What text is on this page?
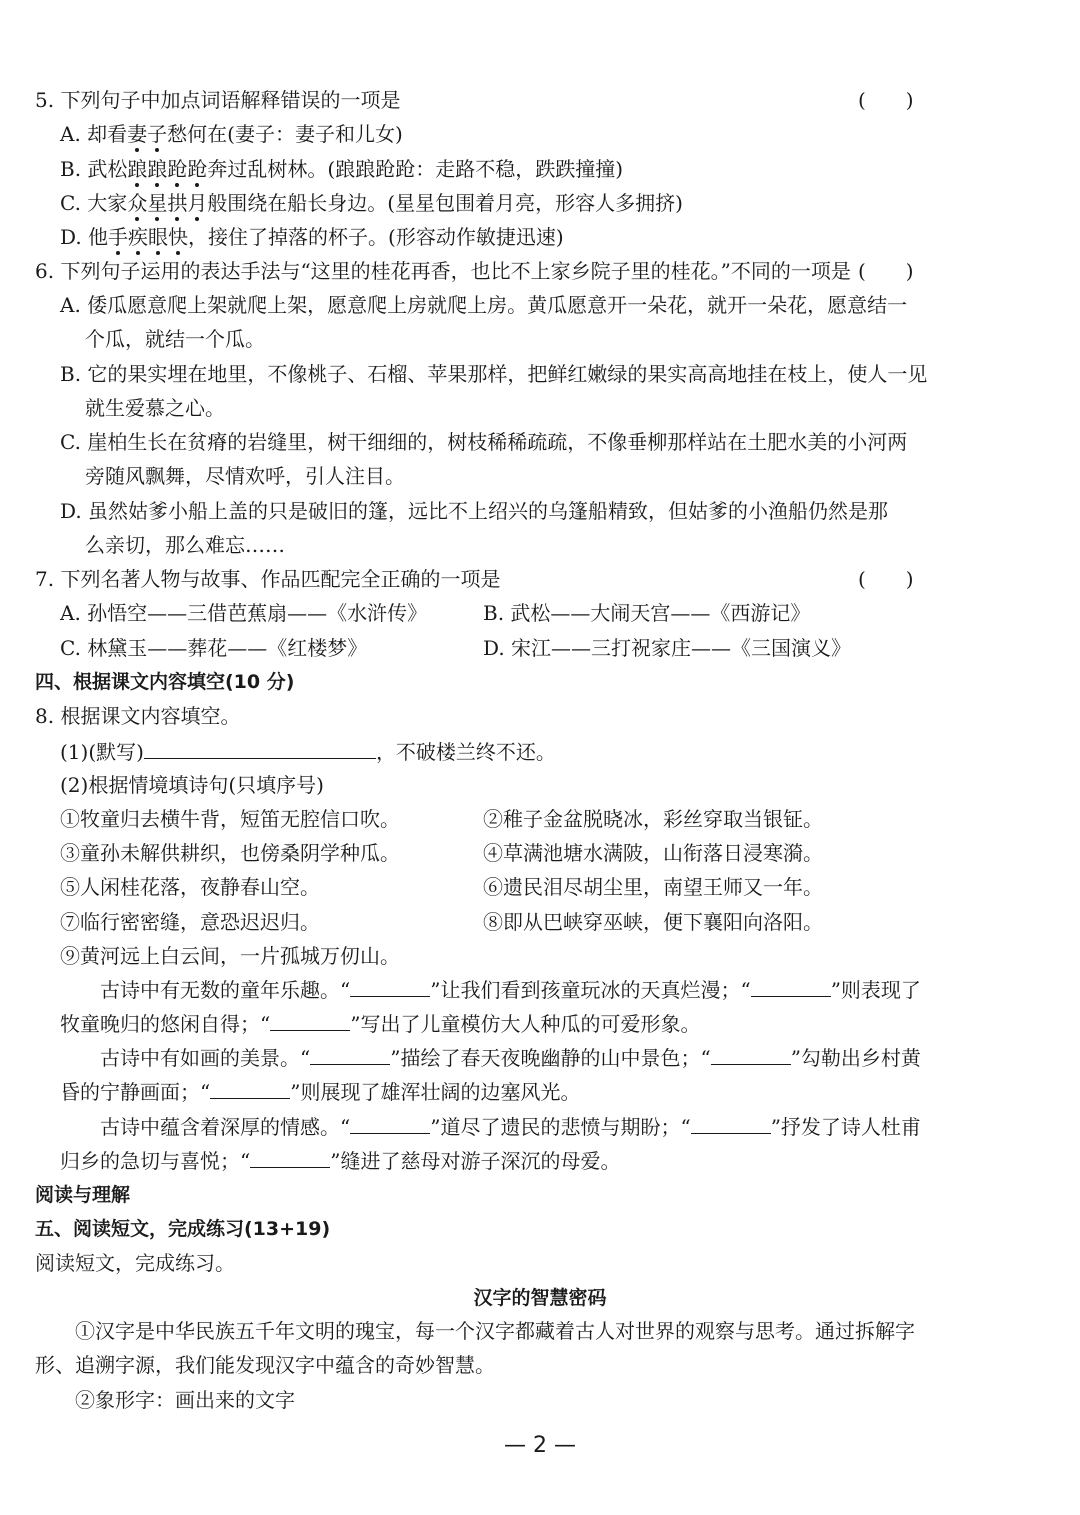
5. 下列句子中加点词语解释错误的一项是	(　　)
A. 却看妻子愁何在(妻子：妻子和儿女)
B. 武松踉踉跄跄奔过乱树林。(踉踉跄跄：走路不稳，跌跌撞撞)
C. 大家众星拱月般围绕在船长身边。(星星包围着月亮，形容人多拥挤)
D. 他手疾眼快，接住了掉落的杯子。(形容动作敏捷迅速)
6. 下列句子运用的表达手法与“这里的桂花再香，也比不上家乡院子里的桂花。”不同的一项是 (　　)
A. 倭瓜愿意爬上架就爬上架，愿意爬上房就爬上房。黄瓜愿意开一朵花，就开一朵花，愿意结一
个瓜，就结一个瓜。
B. 它的果实埋在地里，不像桃子、石榴、苹果那样，把鲜红嫩绿的果实高高地挂在枝上，使人一见
就生爱慕之心。
C. 崖柏生长在贫瘠的岩缝里，树干细细的，树枝稀稀疏疏，不像垂柳那样站在土肥水美的小河两
旁随风飘舞，尽情欢呼，引人注目。
D. 虽然姑爹小船上盖的只是破旧的篷，远比不上绍兴的乌篷船精致，但姑爹的小渔船仍然是那
么亲切，那么难忘……
7. 下列名著人物与故事、作品匹配完全正确的一项是	(　　)
A. 孙悟空——三借芭蕉扇——《水浒传》	B. 武松——大闹天宫——《西游记》
C. 林黛玉——葬花——《红楼梦》	D. 宋江——三打祝家庄——《三国演义》
四、根据课文内容填空(10 分)
8. 根据课文内容填空。
(1)(默写)	，不破楼兰终不还。
(2)根据情境填诗句(只填序号)
①牧童归去横牛背，短笛无腔信口吹。	②稚子金盆脱晓冰，彩丝穿取当银钲。
③童孙未解供耕织，也傍桑阴学种瓜。	④草满池塘水满陂，山衔落日浸寒漪。
⑤人闲桂花落，夜静春山空。	⑥遗民泪尽胡尘里，南望王师又一年。
⑦临行密密缝，意恐迟迟归。	⑧即从巴峡穿巫峡，便下襄阳向洛阳。
⑨黄河远上白云间，一片孤城万仞山。
古诗中有无数的童年乐趣。“	”让我们看到孩童玩冰的天真烂漫；“	”则表现了牧童晚归的悠闲自得；“	”写出了儿童模仿大人种瓜的可爱形象。
古诗中有如画的美景。“	”描绘了春天夜晚幽静的山中景色；“	”勾勒出乡村黄昏的宁静画面；“	”则展现了雄浑壮阔的边塞风光。
古诗中蕴含着深厚的情感。“	”道尽了遗民的悲愤与期盼；“	”抒发了诗人杜甫归乡的急切与喜悦；“	”缝进了慈母对游子深沉的母爱。
阅读与理解
五、阅读短文，完成练习(13+19)
阅读短文，完成练习。
汉字的智慧密码
①汉字是中华民族五千年文明的瑰宝，每一个汉字都藏着古人对世界的观察与思考。通过拆解字形、追溯字源，我们能发现汉字中蕴含的奇妙智慧。
②象形字：画出来的文字
— 2 —
